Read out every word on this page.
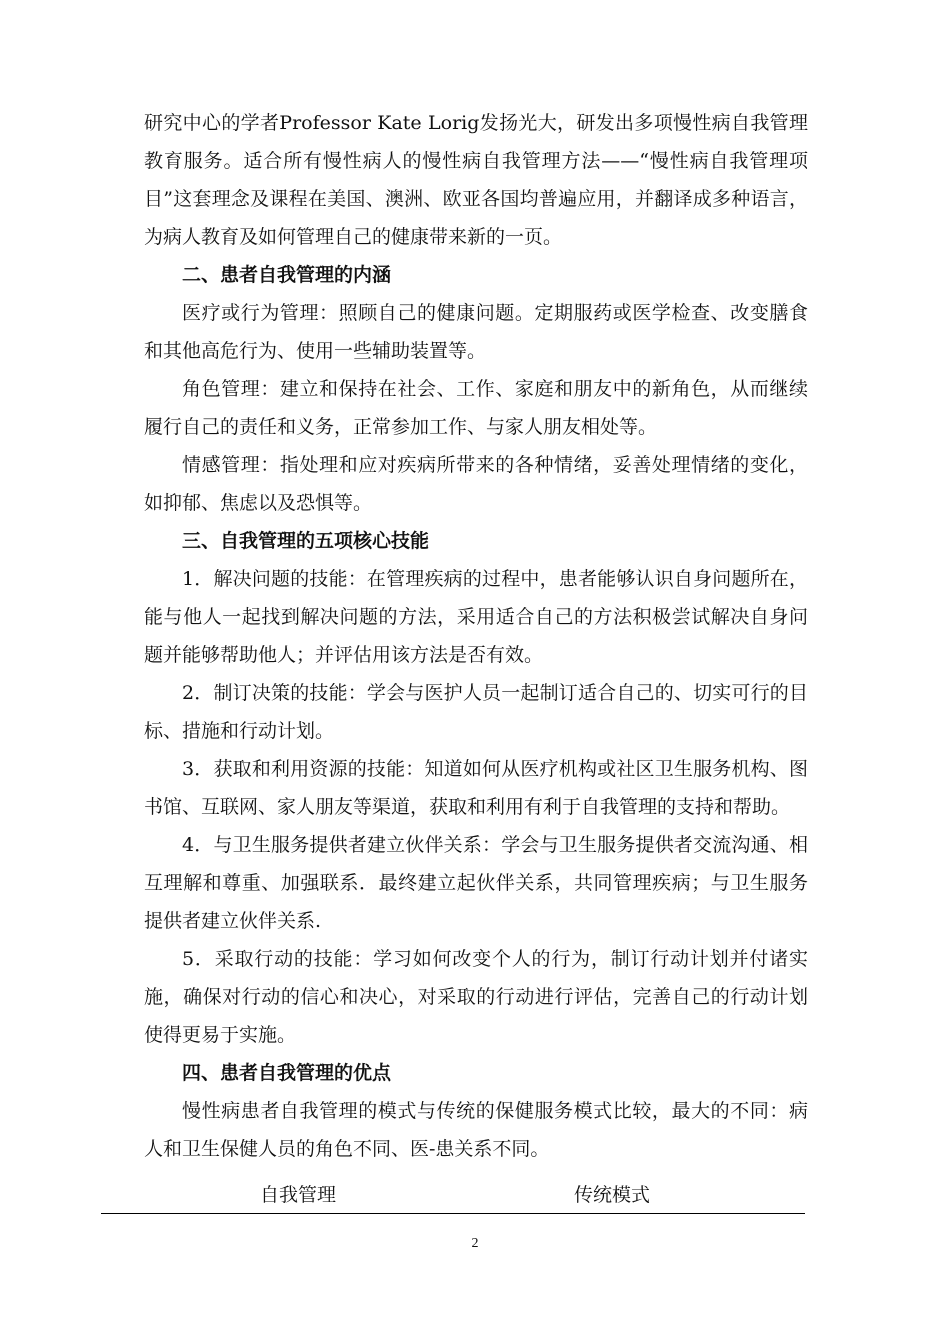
研究中心的学者Professor Kate Lorig发扬光大，研发出多项慢性病自我管理教育服务。适合所有慢性病人的慢性病自我管理方法——“慢性病自我管理项目”这套理念及课程在美国、澳洲、欧亚各国均普遍应用，并翻译成多种语言，为病人教育及如何管理自己的健康带来新的一页。

二、患者自我管理的内涵

医疗或行为管理：照顾自己的健康问题。定期服药或医学检查、改变膳食和其他高危行为、使用一些辅助装置等。

角色管理：建立和保持在社会、工作、家庭和朋友中的新角色，从而继续履行自己的责任和义务，正常参加工作、与家人朋友相处等。

情感管理：指处理和应对疾病所带来的各种情绪，妥善处理情绪的变化，如抑郁、焦虑以及恐惧等。

三、自我管理的五项核心技能

1．解决问题的技能：在管理疾病的过程中，患者能够认识自身问题所在，能与他人一起找到解决问题的方法，采用适合自己的方法积极尝试解决自身问题并能够帮助他人；并评估用该方法是否有效。

2．制订决策的技能：学会与医护人员一起制订适合自己的、切实可行的目标、措施和行动计划。

3．获取和利用资源的技能：知道如何从医疗机构或社区卫生服务机构、图书馆、互联网、家人朋友等渠道，获取和利用有利于自我管理的支持和帮助。

4．与卫生服务提供者建立伙伴关系：学会与卫生服务提供者交流沟通、相互理解和尊重、加强联系．最终建立起伙伴关系，共同管理疾病；与卫生服务提供者建立伙伴关系.

5．采取行动的技能：学习如何改变个人的行为，制订行动计划并付诸实施，确保对行动的信心和决心，对采取的行动进行评估，完善自己的行动计划使得更易于实施。

四、患者自我管理的优点

慢性病患者自我管理的模式与传统的保健服务模式比较，最大的不同：病人和卫生保健人员的角色不同、医-患关系不同。

自我管理	传统模式
2
